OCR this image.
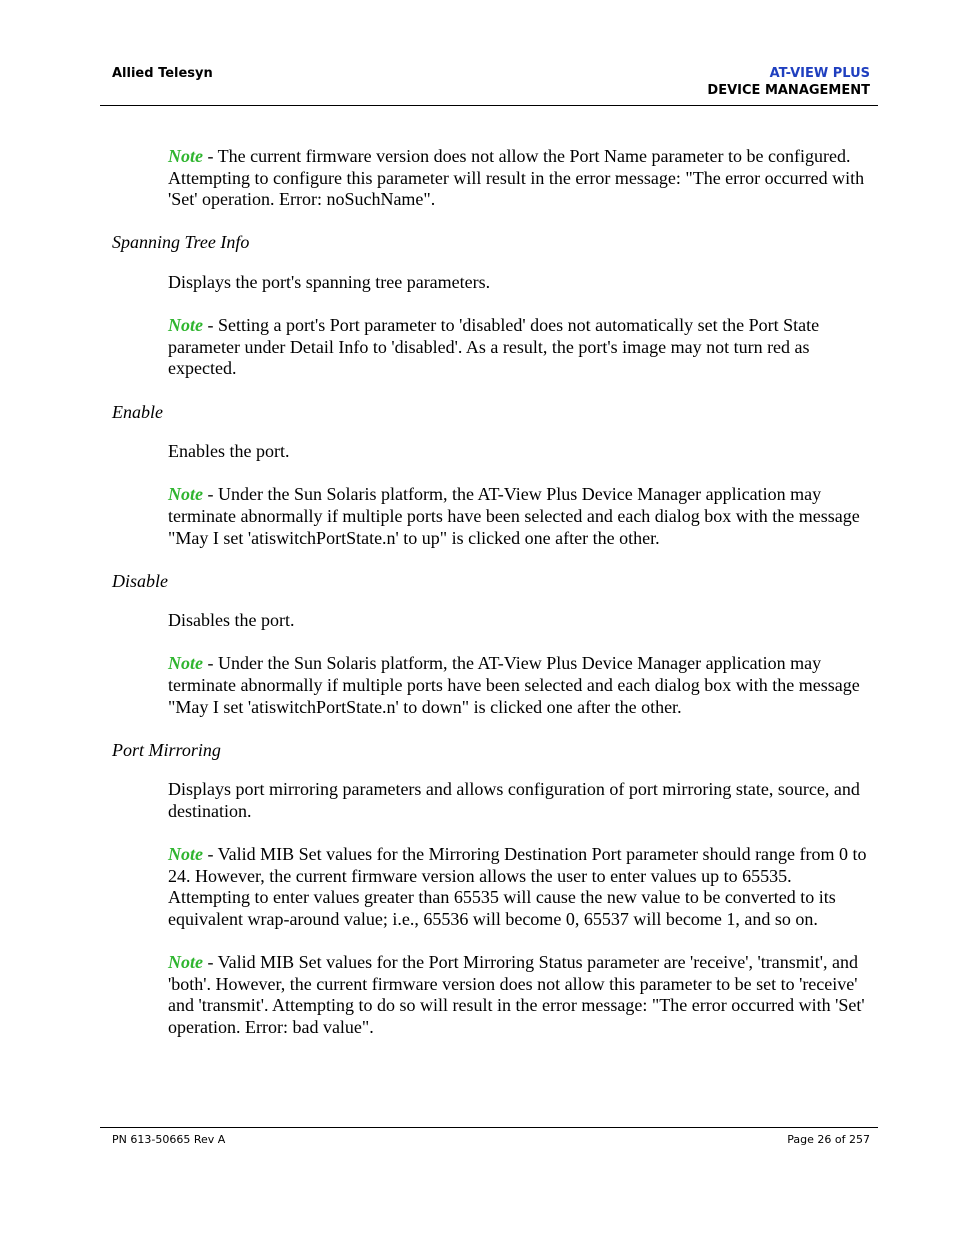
Allied Telesyn	AT-VIEW PLUS
DEVICE MANAGEMENT

Note - The current firmware version does not allow the Port Name parameter to be configured. Attempting to configure this parameter will result in the error message: "The error occurred with 'Set' operation. Error: noSuchName".

Spanning Tree Info

Displays the port's spanning tree parameters.

Note - Setting a port's Port parameter to 'disabled' does not automatically set the Port State parameter under Detail Info to 'disabled'. As a result, the port's image may not turn red as expected.

Enable

Enables the port.

Note - Under the Sun Solaris platform, the AT-View Plus Device Manager application may terminate abnormally if multiple ports have been selected and each dialog box with the message "May I set 'atiswitchPortState.n' to up" is clicked one after the other.

Disable

Disables the port.

Note - Under the Sun Solaris platform, the AT-View Plus Device Manager application may terminate abnormally if multiple ports have been selected and each dialog box with the message "May I set 'atiswitchPortState.n' to down" is clicked one after the other.

Port Mirroring

Displays port mirroring parameters and allows configuration of port mirroring state, source, and destination.

Note - Valid MIB Set values for the Mirroring Destination Port parameter should range from 0 to 24. However, the current firmware version allows the user to enter values up to 65535. Attempting to enter values greater than 65535 will cause the new value to be converted to its equivalent wrap-around value; i.e., 65536 will become 0, 65537 will become 1, and so on.

Note - Valid MIB Set values for the Port Mirroring Status parameter are 'receive', 'transmit', and 'both'. However, the current firmware version does not allow this parameter to be set to 'receive' and 'transmit'. Attempting to do so will result in the error message: "The error occurred with 'Set' operation. Error: bad value".

PN 613-50665 Rev A	Page 26 of 257
